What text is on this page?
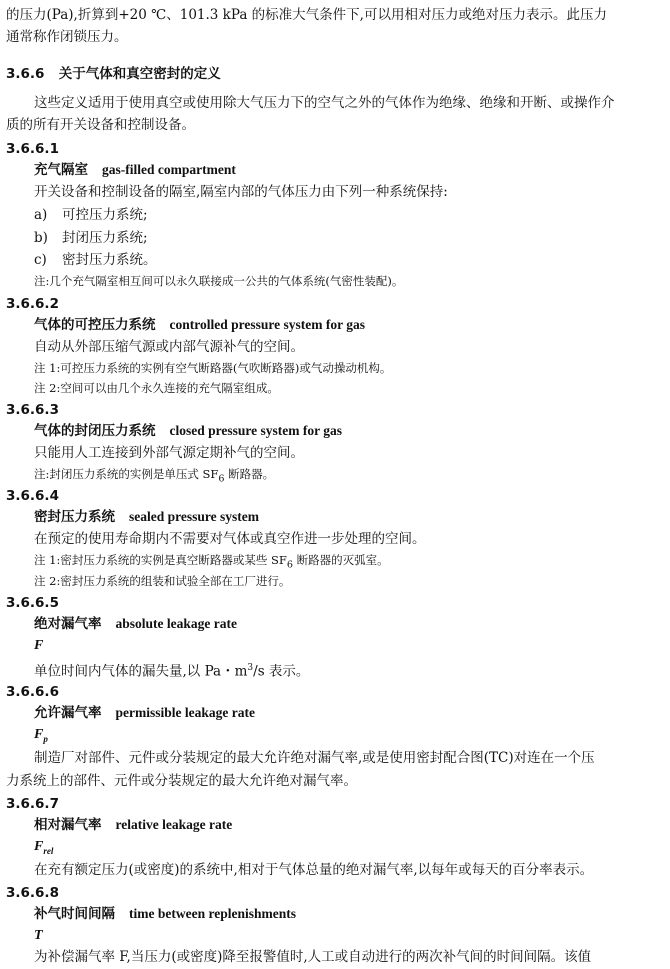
的压力(Pa),折算到+20 ℃、101.3 kPa 的标准大气条件下,可以用相对压力或绝对压力表示。此压力
通常称作闭锁压力。
3.6.6 关于气体和真空密封的定义
这些定义适用于使用真空或使用除大气压力下的空气之外的气体作为绝缘、绝缘和开断、或操作介
质的所有开关设备和控制设备。
3.6.6.1
充气隔室 gas-filled compartment
开关设备和控制设备的隔室,隔室内部的气体压力由下列一种系统保持:
a) 可控压力系统;
b) 封闭压力系统;
c) 密封压力系统。
注:几个充气隔室相互间可以永久联接成一公共的气体系统(气密性装配)。
3.6.6.2
气体的可控压力系统 controlled pressure system for gas
自动从外部压缩气源或内部气源补气的空间。
注 1:可控压力系统的实例有空气断路器(气吹断路器)或气动操动机构。
注 2:空间可以由几个永久连接的充气隔室组成。
3.6.6.3
气体的封闭压力系统 closed pressure system for gas
只能用人工连接到外部气源定期补气的空间。
注:封闭压力系统的实例是单压式 $SF_6$ 断路器。
3.6.6.4
密封压力系统 sealed pressure system
在预定的使用寿命期内不需要对气体或真空作进一步处理的空间。
注 1:密封压力系统的实例是真空断路器或某些 $SF_6$ 断路器的灭弧室。
注 2:密封压力系统的组装和试验全部在工厂进行。
3.6.6.5
绝对漏气率 absolute leakage rate
F
单位时间内气体的漏失量,以 Pa・$m^3/s$ 表示。
3.6.6.6
允许漏气率 permissible leakage rate
$F_p$
制造厂对部件、元件或分装规定的最大允许绝对漏气率,或是使用密封配合图(TC)对连在一个压
力系统上的部件、元件或分装规定的最大允许绝对漏气率。
3.6.6.7
相对漏气率 relative leakage rate
$F_{rel}$
在充有额定压力(或密度)的系统中,相对于气体总量的绝对漏气率,以每年或每天的百分率表示。
3.6.6.8
补气时间间隔 time between replenishments
T
为补偿漏气率 F,当压力(或密度)降至报警值时,人工或自动进行的两次补气间的时间间隔。该值
